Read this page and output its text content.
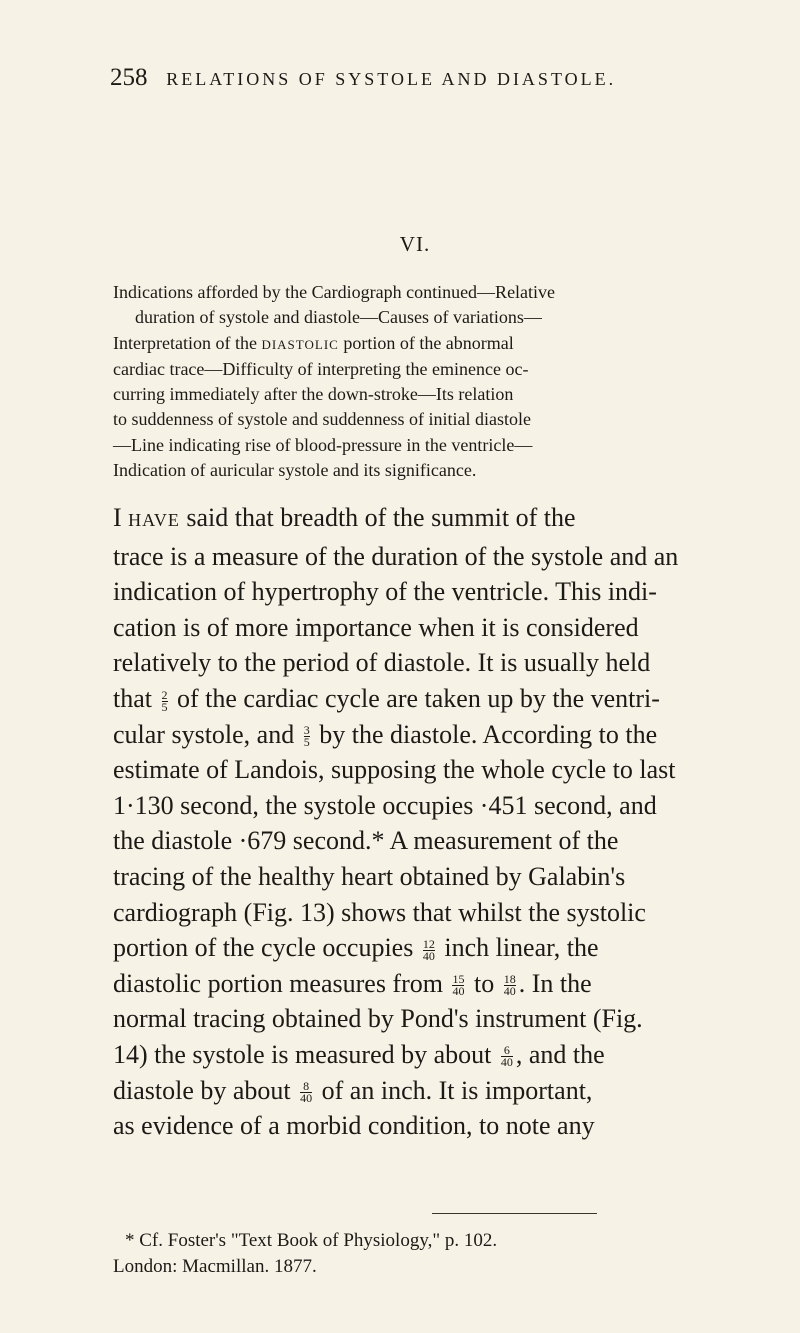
258 RELATIONS OF SYSTOLE AND DIASTOLE.
VI.
Indications afforded by the Cardiograph continued—Relative
duration of systole and diastole—Causes of variations—
Interpretation of the DIASTOLIC portion of the abnormal
cardiac trace—Difficulty of interpreting the eminence oc-
curring immediately after the down-stroke—Its relation
to suddenness of systole and suddenness of initial diastole
—Line indicating rise of blood-pressure in the ventricle—
Indication of auricular systole and its significance.
I HAVE said that breadth of the summit of the
trace is a measure of the duration of the systole and an
indication of hypertrophy of the ventricle. This indi-
cation is of more importance when it is considered
relatively to the period of diastole. It is usually held
that $\frac{2}{5}$ of the cardiac cycle are taken up by the ventri-
cular systole, and $\frac{3}{5}$ by the diastole. According to the
estimate of Landois, supposing the whole cycle to last
1·130 second, the systole occupies ·451 second, and
the diastole ·679 second.* A measurement of the
tracing of the healthy heart obtained by Galabin's
cardiograph (Fig. 13) shows that whilst the systolic
portion of the cycle occupies $\frac{12}{40}$ inch linear, the
diastolic portion measures from $\frac{15}{40}$ to $\frac{18}{40}$ . In the
normal tracing obtained by Pond's instrument (Fig.
14) the systole is measured by about $\frac{6}{40}$ , and the
diastole by about $\frac{8}{40}$ of an inch. It is important,
as evidence of a morbid condition, to note any
* Cf. Foster's "Text Book of Physiology," p. 102.
London: Macmillan. 1877.
